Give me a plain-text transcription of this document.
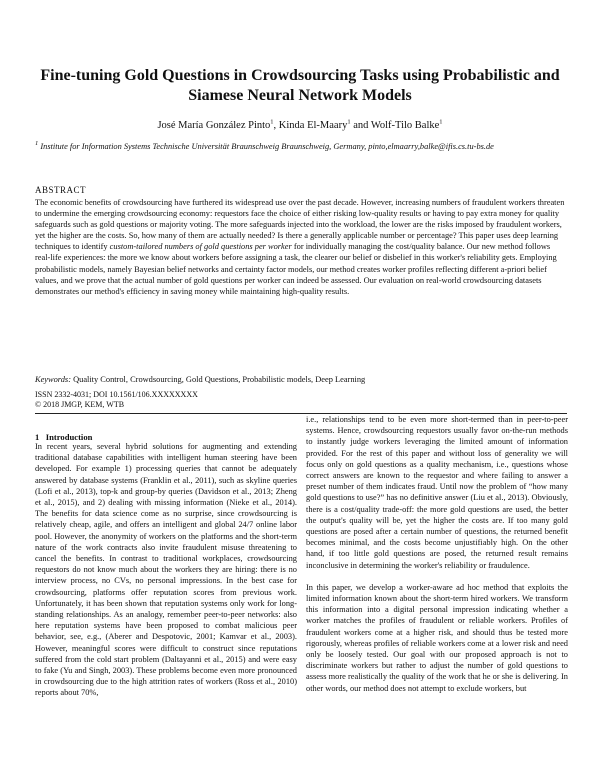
Fine-tuning Gold Questions in Crowdsourcing Tasks using Probabilistic and Siamese Neural Network Models
José María González Pinto$^1$, Kinda El-Maary$^1$ and Wolf-Tilo Balke$^1$
$^1$ Institute for Information Systems Technische Universität Braunschweig Braunschweig, Germany, pinto,elmaarry,balke@ifis.cs.tu-bs.de
ABSTRACT
The economic benefits of crowdsourcing have furthered its widespread use over the past decade. However, increasing numbers of fraudulent workers threaten to undermine the emerging crowdsourcing economy: requestors face the choice of either risking low-quality results or having to pay extra money for quality safeguards such as gold questions or majority voting. The more safeguards injected into the workload, the lower are the risks imposed by fraudulent workers, yet the higher are the costs. So, how many of them are actually needed? Is there a generally applicable number or percentage? This paper uses deep learning techniques to identify custom-tailored numbers of gold questions per worker for individually managing the cost/quality balance. Our new method follows real-life experiences: the more we know about workers before assigning a task, the clearer our belief or disbelief in this worker's reliability gets. Employing probabilistic models, namely Bayesian belief networks and certainty factor models, our method creates worker profiles reflecting different a-priori belief values, and we prove that the actual number of gold questions per worker can indeed be assessed. Our evaluation on real-world crowdsourcing datasets demonstrates our method's efficiency in saving money while maintaining high-quality results.
Keywords: Quality Control, Crowdsourcing, Gold Questions, Probabilistic models, Deep Learning
ISSN 2332-4031; DOI 10.1561/106.XXXXXXXX
© 2018 JMGP, KEM, WTB
1 Introduction

In recent years, several hybrid solutions for augmenting and extending traditional database capabilities with intelligent human steering have been developed. For example 1) processing queries that cannot be adequately answered by database systems (Franklin et al., 2011), such as skyline queries (Lofi et al., 2013), top-k and group-by queries (Davidson et al., 2013; Zheng et al., 2015), and 2) dealing with missing information (Nieke et al., 2014). The benefits for data science come as no surprise, since crowdsourcing is relatively cheap, agile, and offers an intelligent and global 24/7 online labor pool. However, the anonymity of workers on the platforms and the short-term nature of the work contracts also invite fraudulent misuse threatening to cancel the benefits. In contrast to traditional workplaces, crowdsourcing requestors do not know much about the workers they are hiring: there is no interview process, no CVs, no personal impressions. In the best case for crowdsourcing, platforms offer reputation scores from previous work. Unfortunately, it has been shown that reputation systems only work for long-standing relationships. As an analogy, remember peer-to-peer networks: also here reputation systems have been proposed to combat malicious peer behavior, see, e.g., (Aberer and Despotovic, 2001; Kamvar et al., 2003). However, meaningful scores were difficult to construct since reputations suffered from the cold start problem (Daltayanni et al., 2015) and were easy to fake (Yu and Singh, 2003). These problems become even more pronounced in crowdsourcing due to the high attrition rates of workers (Ross et al., 2010) reports about 70%,

i.e., relationships tend to be even more short-termed than in peer-to-peer systems. Hence, crowdsourcing requestors usually favor on-the-run methods to instantly judge workers leveraging the limited amount of information provided. For the rest of this paper and without loss of generality we will focus only on gold questions as a quality mechanism, i.e., questions whose correct answers are known to the requestor and where failing to answer a preset number of them indicates fraud. Until now the problem of “how many gold questions to use?” has no definitive answer (Liu et al., 2013). Obviously, there is a cost/quality trade-off: the more gold questions are used, the better the output's quality will be, yet the higher the costs are. If too many gold questions are posed after a certain number of questions, the returned benefit becomes minimal, and the costs become unjustifiably high. On the other hand, if too little gold questions are posed, the returned result remains inconclusive in determining the worker's reliability or fraudulence.

In this paper, we develop a worker-aware ad hoc method that exploits the limited information known about the short-term hired workers. We transform this information into a digital personal impression indicating whether a worker matches the profiles of fraudulent or reliable workers. Profiles of fraudulent workers come at a higher risk, and should thus be tested more rigorously, whereas profiles of reliable workers come at a lower risk and need only be loosely tested. Our goal with our proposed approach is not to discriminate workers but rather to adjust the number of gold questions to assess more realistically the quality of the work that he or she is delivering. In other words, our method does not attempt to exclude workers, but
